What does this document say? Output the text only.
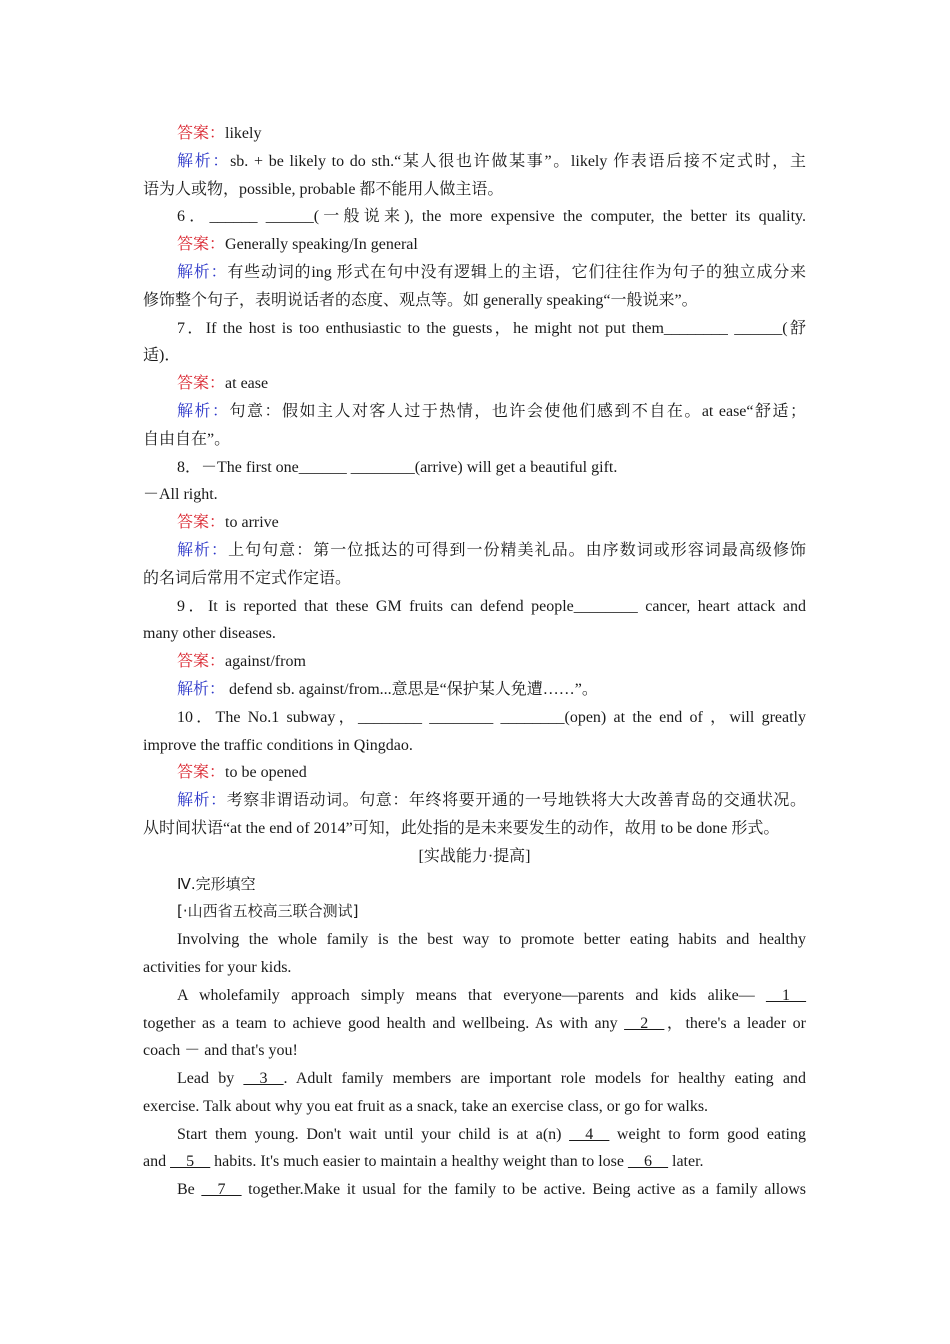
答案：likely
解析：sb. + be likely to do sth.“某人很也许做某事”。likely 作表语后接不定式时，主
语为人或物，possible, probable 都不能用人做主语。
6．______ ______(一般说来), the more expensive the computer, the better its quality.
答案：Generally speaking/In general
解析：有些动词的ing 形式在句中没有逻辑上的主语，它们往往作为句子的独立成分来
修饰整个句子，表明说话者的态度、观点等。如 generally speaking“一般说来”。
7．If the host is too enthusiastic to the guests，he might not put them________ ______(舒
适)．
答案：at ease
解析：句意：假如主人对客人过于热情，也许会使他们感到不自在。at ease“舒适；
自由自在”。
8．－The first one______ ________(arrive) will get a beautiful gift.
－All right.
答案：to arrive
解析：上句句意：第一位抵达的可得到一份精美礼品。由序数词或形容词最高级修饰
的名词后常用不定式作定语。
9．It is reported that these GM fruits can defend people________ cancer, heart attack and
many other diseases.
答案：against/from
解析： defend sb. against/from...意思是“保护某人免遭……”。
10．The No.1 subway，________ ________ ________(open) at the end of ，will greatly
improve the traffic conditions in Qingdao.
答案：to be opened
解析：考察非谓语动词。句意：年终将要开通的一号地铁将大大改善青岛的交通状况。
从时间状语“at the end of 2014”可知，此处指的是未来要发生的动作，故用 to be done 形式。
[实战能力·提高]
Ⅳ.完形填空
[·山西省五校高三联合测试]
Involving the whole family is the best way to promote better eating habits and healthy
activities for your kids.
A wholefamily approach simply means that everyone—parents and kids alike— __1__
together as a team to achieve good health and wellbeing. As with any __2__，there's a leader or
coach － and that's you!
Lead by __3__. Adult family members are important role models for healthy eating and
exercise. Talk about why you eat fruit as a snack, take an exercise class, or go for walks.
Start them young. Don't wait until your child is at a(n) __4__ weight to form good eating
and __5__ habits. It's much easier to maintain a healthy weight than to lose __6__ later.
Be __7__ together.Make it usual for the family to be active. Being active as a family allows
